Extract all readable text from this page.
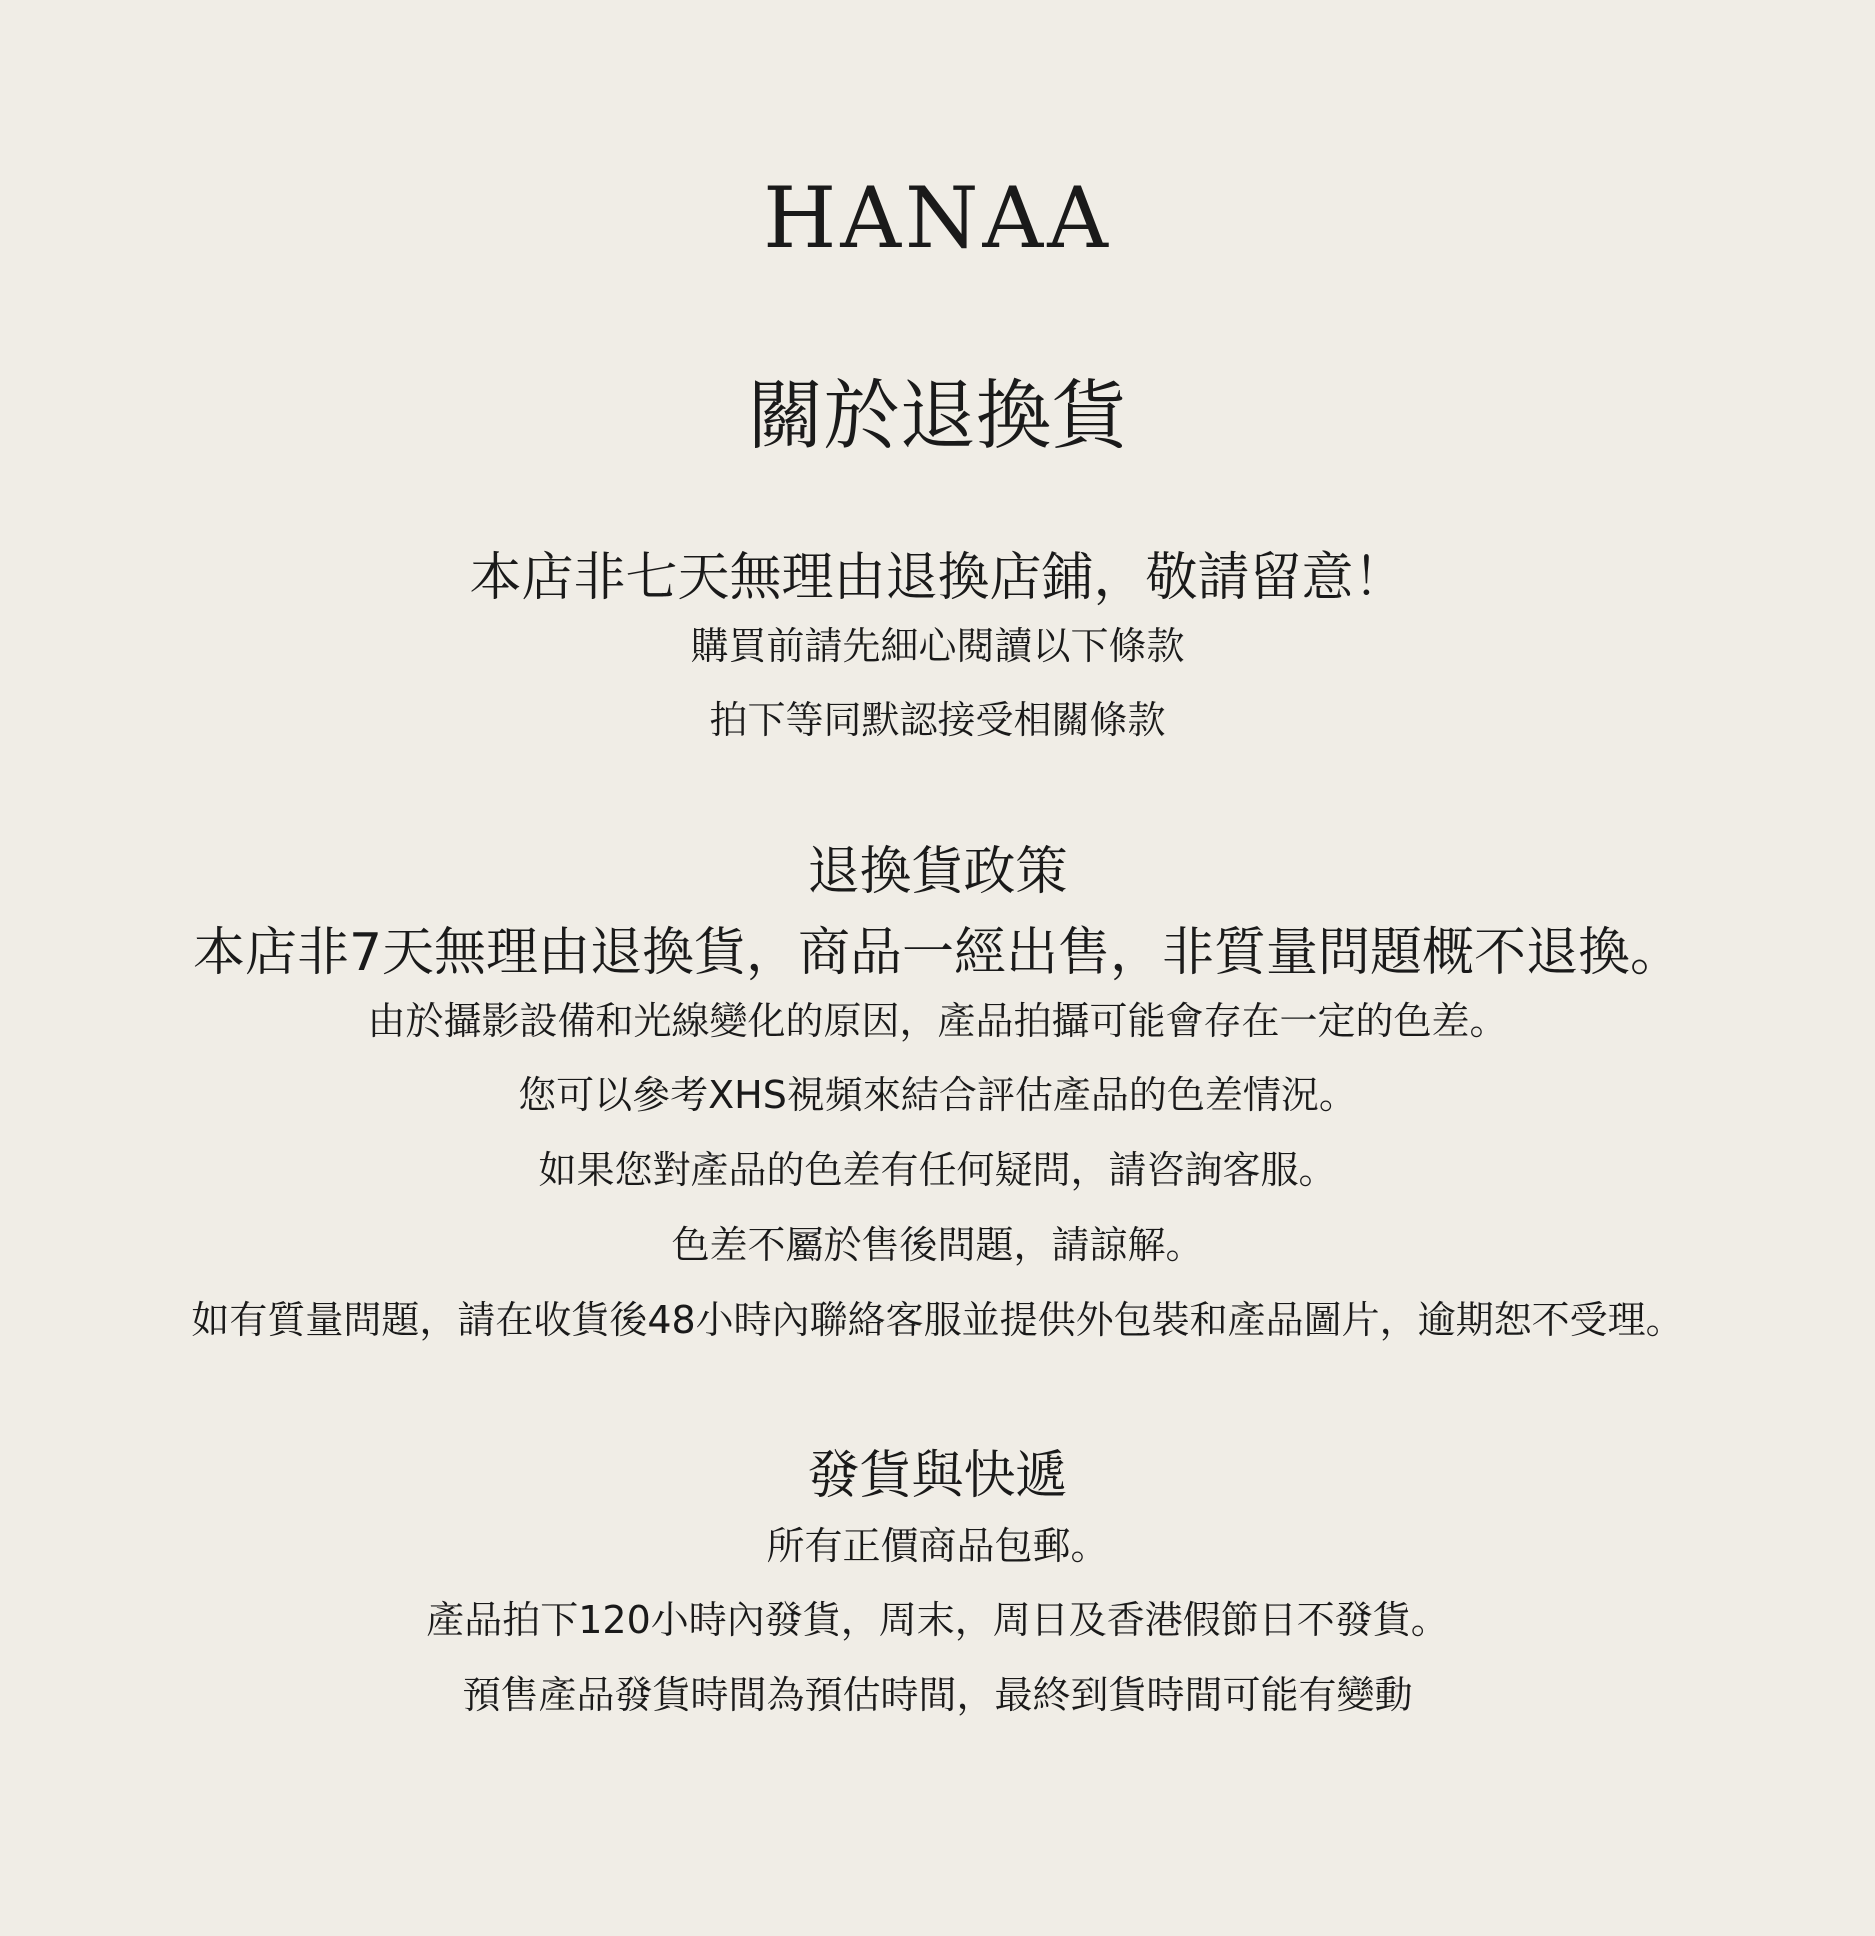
HANAA
關於退換貨
本店非七天無理由退換店鋪，敬請留意！
購買前請先細心閱讀以下條款
拍下等同默認接受相關條款
退換貨政策
本店非7天無理由退換貨，商品一經出售，非質量問題概不退換。
由於攝影設備和光線變化的原因，產品拍攝可能會存在一定的色差。
您可以參考XHS視頻來結合評估產品的色差情況。
如果您對產品的色差有任何疑問，請咨詢客服。
色差不屬於售後問題，請諒解。
如有質量問題，請在收貨後48小時內聯絡客服並提供外包裝和產品圖片，逾期恕不受理。
發貨與快遞
所有正價商品包郵。
產品拍下120小時內發貨，周末，周日及香港假節日不發貨。
預售產品發貨時間為預估時間，最終到貨時間可能有變動
